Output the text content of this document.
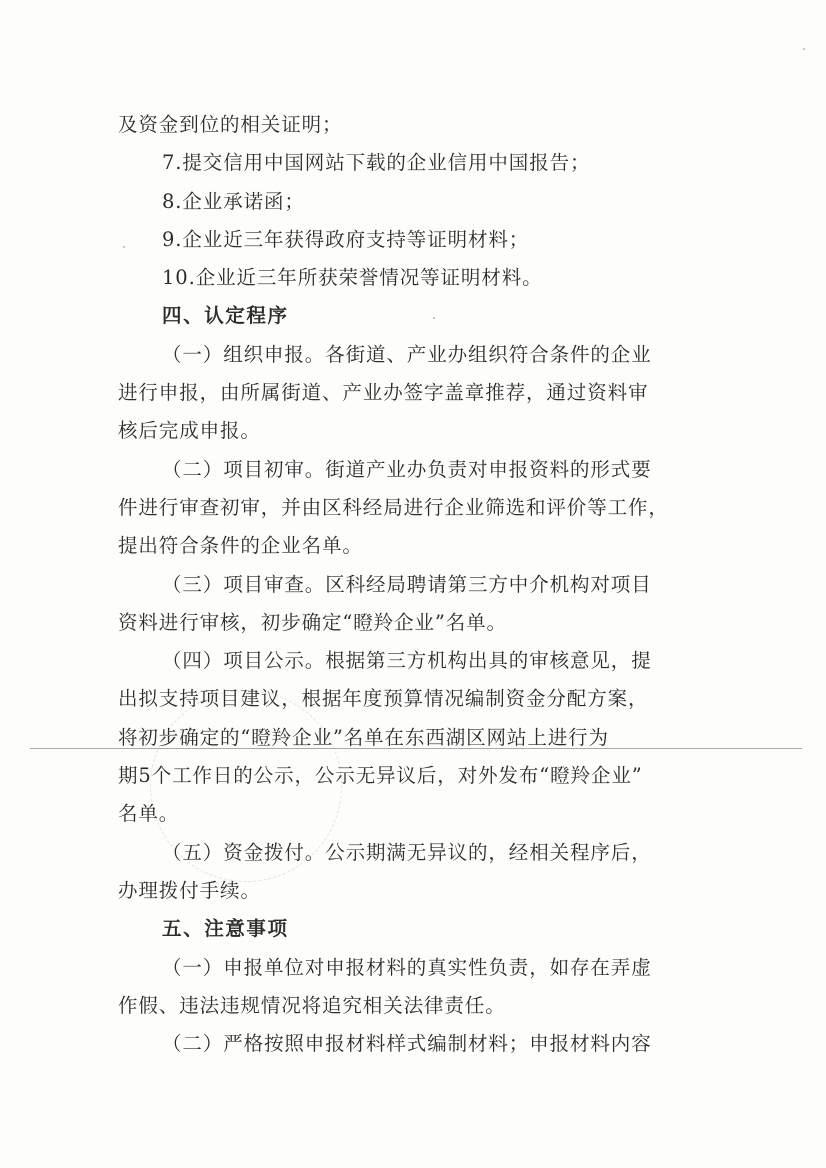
及资金到位的相关证明；
7.提交信用中国网站下载的企业信用中国报告；
8.企业承诺函；
9.企业近三年获得政府支持等证明材料；
10.企业近三年所获荣誉情况等证明材料。
四、认定程序
（一）组织申报。各街道、产业办组织符合条件的企业
进行申报，由所属街道、产业办签字盖章推荐，通过资料审
核后完成申报。
（二）项目初审。街道产业办负责对申报资料的形式要
件进行审查初审，并由区科经局进行企业筛选和评价等工作，
提出符合条件的企业名单。
（三）项目审查。区科经局聘请第三方中介机构对项目
资料进行审核，初步确定“瞪羚企业”名单。
（四）项目公示。根据第三方机构出具的审核意见，提
出拟支持项目建议，根据年度预算情况编制资金分配方案，
将初步确定的“瞪羚企业”名单在东西湖区网站上进行为
期5个工作日的公示，公示无异议后，对外发布“瞪羚企业”
名单。
（五）资金拨付。公示期满无异议的，经相关程序后，
办理拨付手续。
五、注意事项
（一）申报单位对申报材料的真实性负责，如存在弄虚
作假、违法违规情况将追究相关法律责任。
（二）严格按照申报材料样式编制材料；申报材料内容
